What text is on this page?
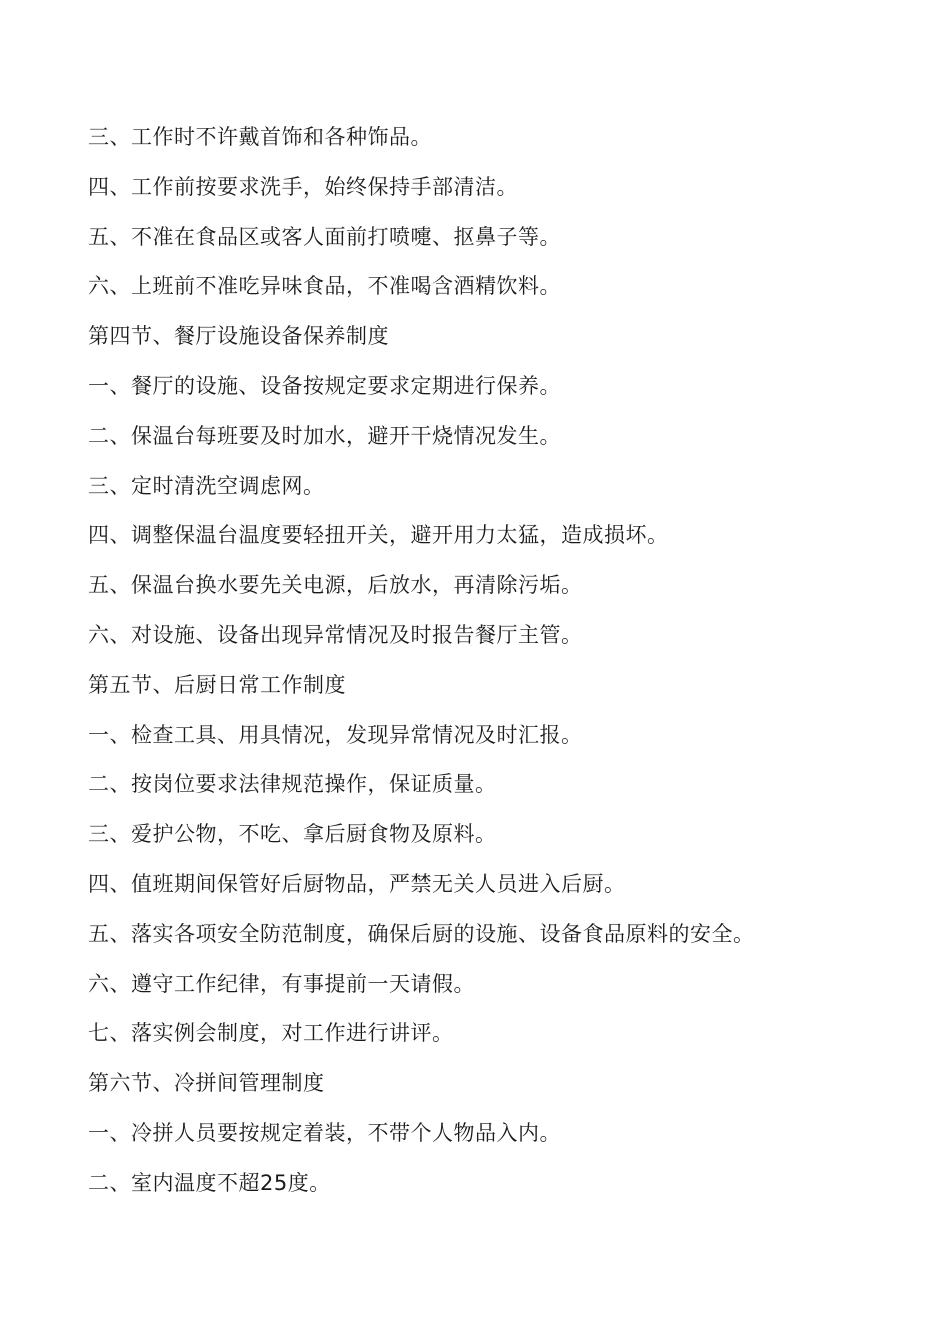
三、工作时不许戴首饰和各种饰品。
四、工作前按要求洗手，始终保持手部清洁。
五、不准在食品区或客人面前打喷嚏、抠鼻子等。
六、上班前不准吃异味食品，不准喝含酒精饮料。
第四节、餐厅设施设备保养制度
一、餐厅的设施、设备按规定要求定期进行保养。
二、保温台每班要及时加水，避开干烧情况发生。
三、定时清洗空调虑网。
四、调整保温台温度要轻扭开关，避开用力太猛，造成损坏。
五、保温台换水要先关电源，后放水，再清除污垢。
六、对设施、设备出现异常情况及时报告餐厅主管。
第五节、后厨日常工作制度
一、检查工具、用具情况，发现异常情况及时汇报。
二、按岗位要求法律规范操作，保证质量。
三、爱护公物，不吃、拿后厨食物及原料。
四、值班期间保管好后厨物品，严禁无关人员进入后厨。
五、落实各项安全防范制度，确保后厨的设施、设备食品原料的安全。
六、遵守工作纪律，有事提前一天请假。
七、落实例会制度，对工作进行讲评。
第六节、冷拼间管理制度
一、冷拼人员要按规定着装，不带个人物品入内。
二、室内温度不超25度。
